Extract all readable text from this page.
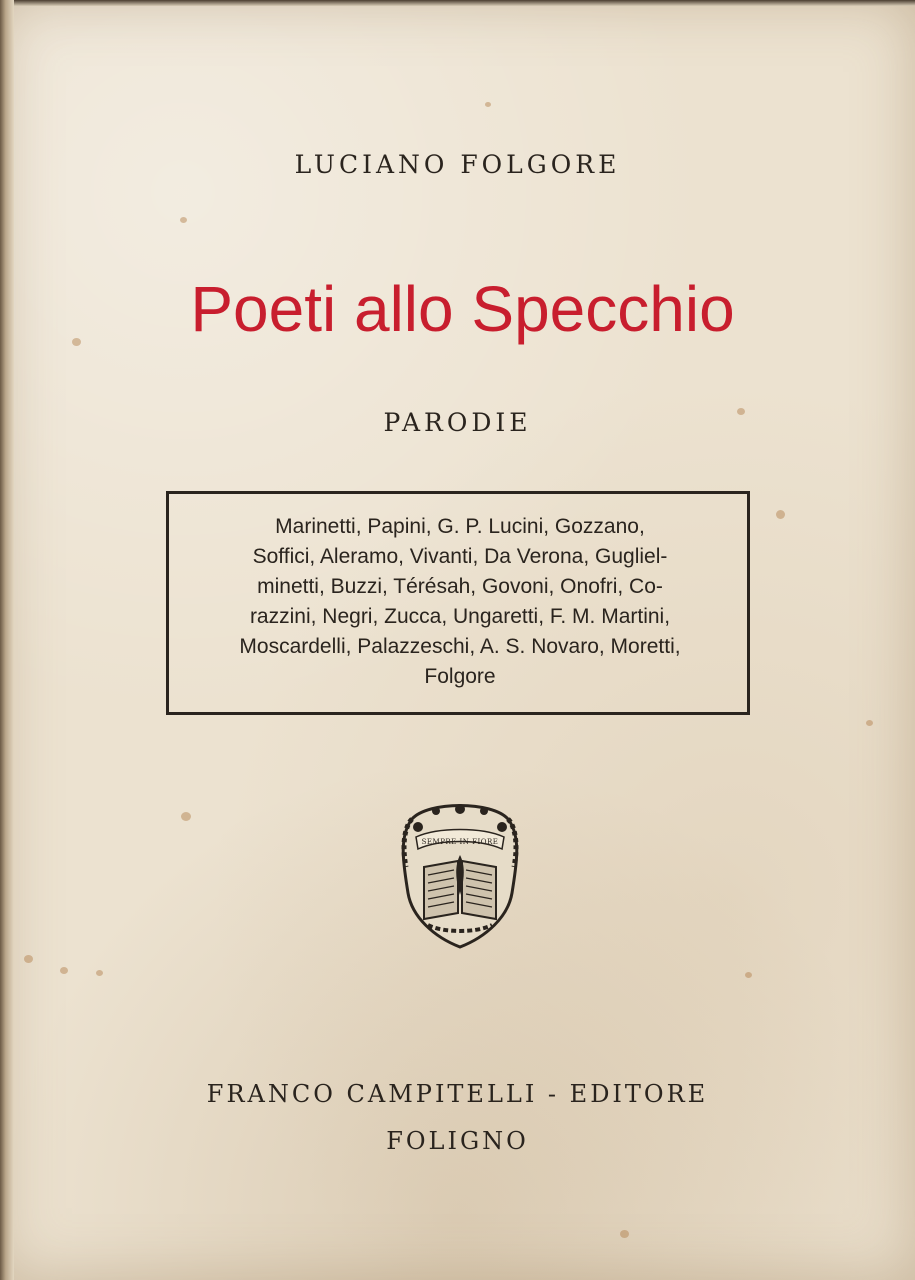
LUCIANO FOLGORE
Poeti allo Specchio
PARODIE
Marinetti, Papini, G. P. Lucini, Gozzano,
Soffici, Aleramo, Vivanti, Da Verona, Gugliel-
minetti, Buzzi, Térésah, Govoni, Onofri, Co-
razzini, Negri, Zucca, Ungaretti, F. M. Martini,
Moscardelli, Palazzeschi, A. S. Novaro, Moretti,
Folgore
SEMPRE IN FIORE
FRANCO CAMPITELLI - EDITORE
FOLIGNO
